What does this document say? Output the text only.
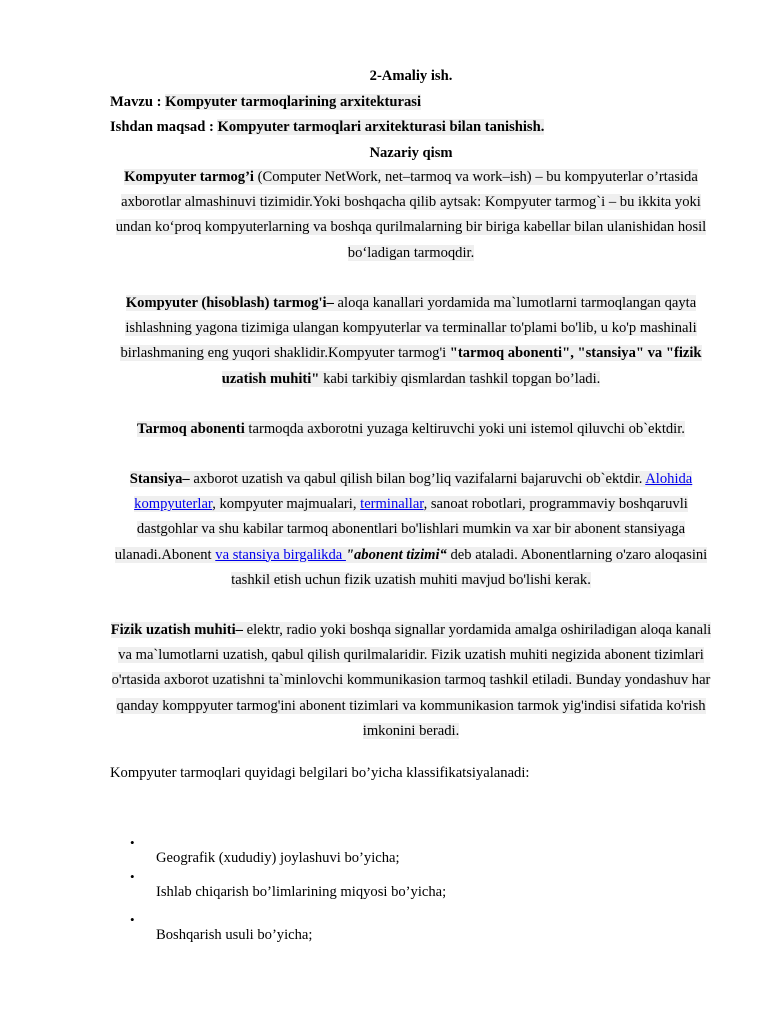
2-Amaliy ish.
Mavzu : Kompyuter tarmoqlarining arxitekturasi
Ishdan maqsad : Kompyuter tarmoqlari arxitekturasi bilan tanishish.
Nazariy qism

Kompyuter tarmog’i (Computer NetWork, net–tarmoq va work–ish) – bu kompyuterlar o’rtasida axborotlar almashinuvi tizimidir.Yoki boshqacha qilib aytsak: Kompyuter tarmog`i – bu ikkita yoki undan ko‘proq kompyuterlarning va boshqa qurilmalarning bir biriga kabellar bilan ulanishidan hosil bo‘ladigan tarmoqdir.

Kompyuter (hisoblash) tarmog'i– aloqa kanallari yordamida ma`lumotlarni tarmoqlangan qayta ishlashning yagona tizimiga ulangan kompyuterlar va terminallar to'plami bo'lib, u ko'p mashinali birlashmaning eng yuqori shaklidir.Kompyuter tarmog'i "tarmoq abonenti", "stansiya" va "fizik uzatish muhiti" kabi tarkibiy qismlardan tashkil topgan bo’ladi.

Tarmoq abonenti tarmoqda axborotni yuzaga keltiruvchi yoki uni istemol qiluvchi ob`ektdir.

Stansiya– axborot uzatish va qabul qilish bilan bog’liq vazifalarni bajaruvchi ob`ektdir. Alohida kompyuterlar, kompyuter majmualari, terminallar, sanoat robotlari, programmaviy boshqaruvli dastgohlar va shu kabilar tarmoq abonentlari bo'lishlari mumkin va xar bir abonent stansiyaga ulanadi.Abonent va stansiya birgalikda "abonent tizimi“ deb ataladi. Abonentlarning o'zaro aloqasini tashkil etish uchun fizik uzatish muhiti mavjud bo'lishi kerak.

Fizik uzatish muhiti– elektr, radio yoki boshqa signallar yordamida amalga oshiriladigan aloqa kanali va ma`lumotlarni uzatish, qabul qilish qurilmalaridir. Fizik uzatish muhiti negizida abonent tizimlari o'rtasida axborot uzatishni ta`minlovchi kommunikasion tarmoq tashkil etiladi. Bunday yondashuv har qanday komppyuter tarmog'ini abonent tizimlari va kommunikasion tarmok yig'indisi sifatida ko'rish imkonini beradi.

Kompyuter tarmoqlari quyidagi belgilari bo’yicha klassifikatsiyalanadi:
•
Geografik (xududiy) joylashuvi bo’yicha;
•
Ishlab chiqarish bo’limlarining miqyosi bo’yicha;
•
Boshqarish usuli bo’yicha;
